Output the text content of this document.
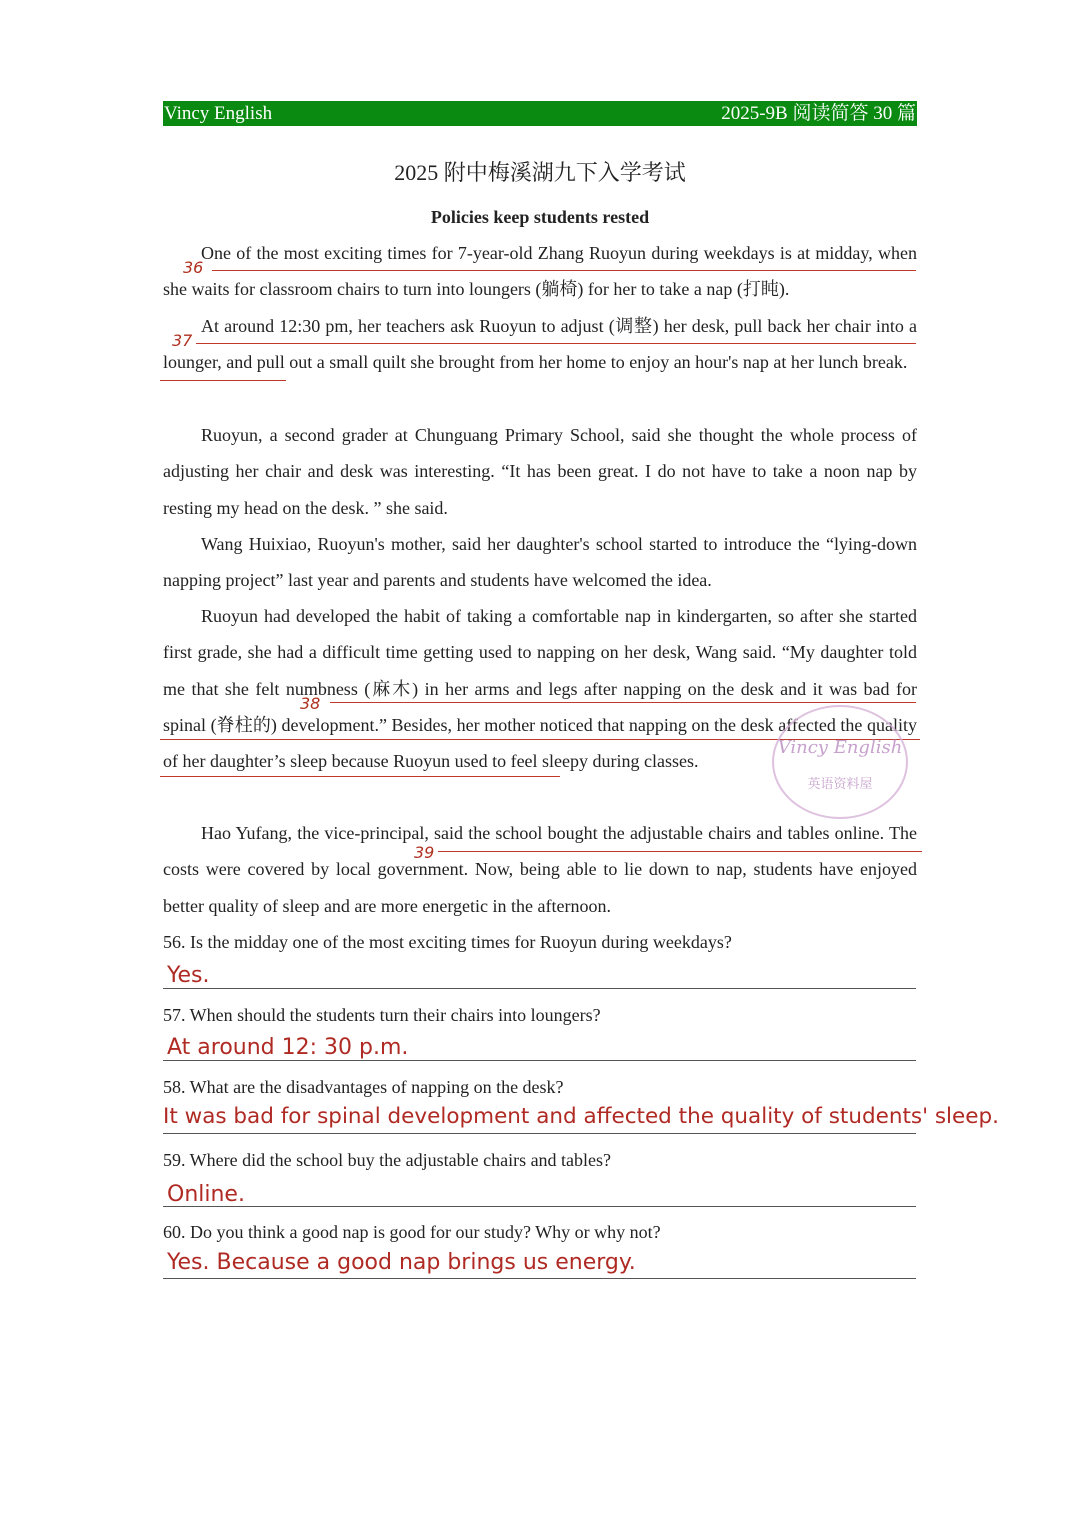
Vincy English	2025-9B 阅读简答 30 篇
2025 附中梅溪湖九下入学考试
Policies keep students rested

One of the most exciting times for 7-year-old Zhang Ruoyun during weekdays is at midday, when she waits for classroom chairs to turn into loungers (躺椅) for her to take a nap (打盹).

At around 12:30 pm, her teachers ask Ruoyun to adjust (调整) her desk, pull back her chair into a lounger, and pull out a small quilt she brought from her home to enjoy an hour's nap at her lunch break.

Ruoyun, a second grader at Chunguang Primary School, said she thought the whole process of adjusting her chair and desk was interesting. “It has been great. I do not have to take a noon nap by resting my head on the desk. ” she said.

Wang Huixiao, Ruoyun's mother, said her daughter's school started to introduce the “lying-down napping project” last year and parents and students have welcomed the idea.

Ruoyun had developed the habit of taking a comfortable nap in kindergarten, so after she started first grade, she had a difficult time getting used to napping on her desk, Wang said. “My daughter told me that she felt numbness (麻木) in her arms and legs after napping on the desk and it was bad for spinal (脊柱的) development.” Besides, her mother noticed that napping on the desk affected the quality of her daughter’s sleep because Ruoyun used to feel sleepy during classes.

Hao Yufang, the vice-principal, said the school bought the adjustable chairs and tables online. The costs were covered by local government. Now, being able to lie down to nap, students have enjoyed better quality of sleep and are more energetic in the afternoon.

36
37
38
39
Vincy English
英语资料屋

56. Is the midday one of the most exciting times for Ruoyun during weekdays?

Yes.

57. When should the students turn their chairs into loungers?

At around 12: 30 p.m.

58. What are the disadvantages of napping on the desk?

It was bad for spinal development and affected the quality of students' sleep.

59. Where did the school buy the adjustable chairs and tables?

Online.

60. Do you think a good nap is good for our study? Why or why not?

Yes. Because a good nap brings us energy.
